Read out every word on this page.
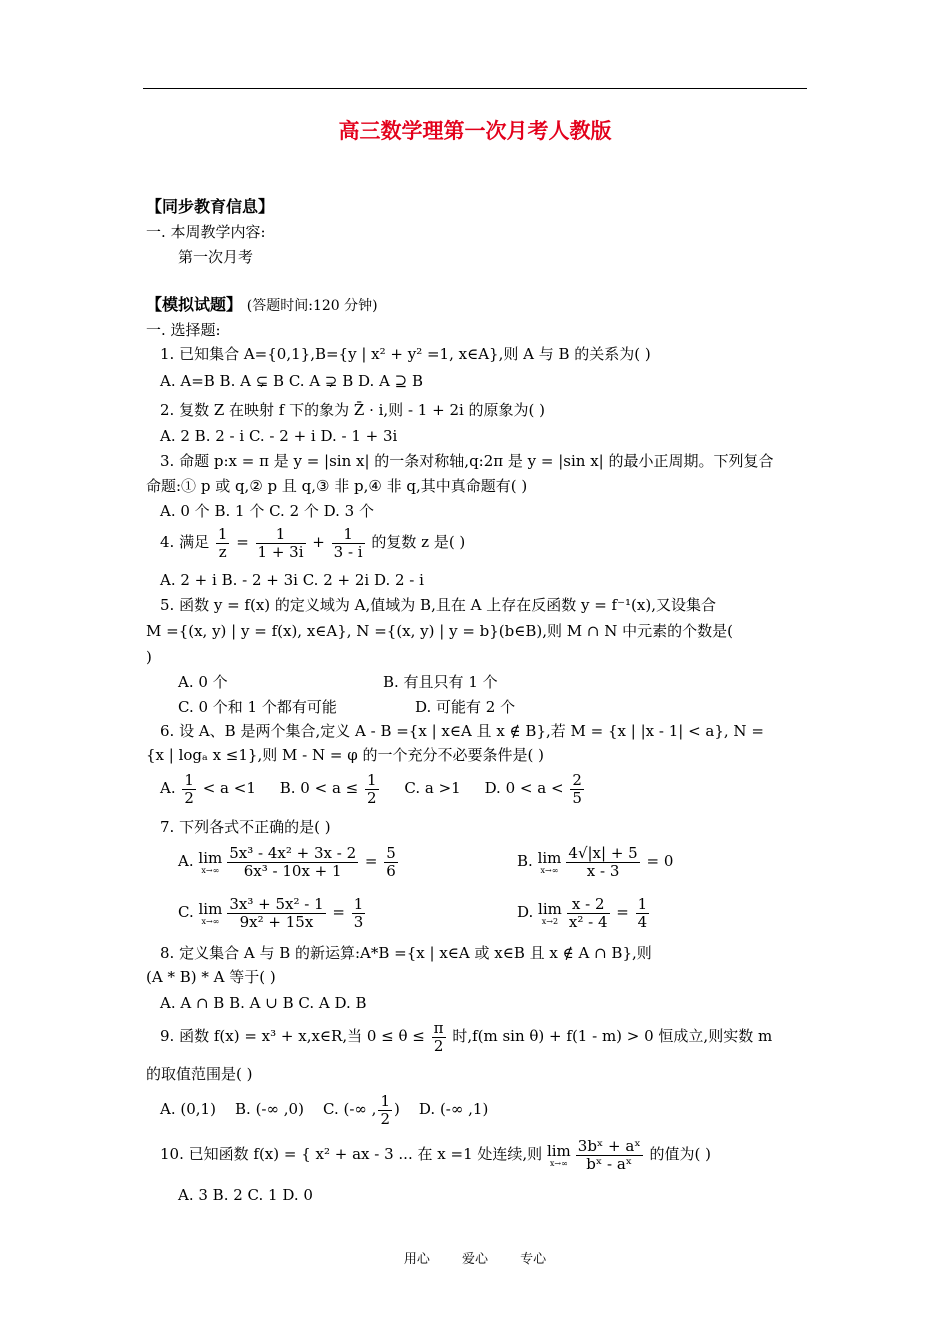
高三数学理第一次月考人教版
【同步教育信息】
一. 本周教学内容:
第一次月考
【模拟试题】 (答题时间:120 分钟)
一. 选择题:
1. 已知集合 A={0,1},B={y | x² + y² =1, x∈A},则 A 与 B 的关系为( )
A. A=B B. A ⊊ B C. A ⊋ B D. A ⊇ B
2. 复数 Z 在映射 f 下的象为 Z̄ · i,则 - 1 + 2i 的原象为( )
A. 2 B. 2 - i C. - 2 + i D. - 1 + 3i
3. 命题 p:x = π 是 y = |sin x| 的一条对称轴,q:2π 是 y = |sin x| 的最小正周期。下列复合
命题:① p 或 q,② p 且 q,③ 非 p,④ 非 q,其中真命题有( )
A. 0 个 B. 1 个 C. 2 个 D. 3 个
4. 满足 $\frac{1}{z} = \frac{1}{1 + 3i} + \frac{1}{3 - i}$ 的复数 z 是( )
A. 2 + i B. - 2 + 3i C. 2 + 2i D. 2 - i
5. 函数 y = f(x) 的定义域为 A,值域为 B,且在 A 上存在反函数 y = f⁻¹(x),又设集合
M ={(x, y) | y = f(x), x∈A}, N ={(x, y) | y = b}(b∈B),则 M ∩ N 中元素的个数是(
)
A. 0 个	B. 有且只有 1 个
C. 0 个和 1 个都有可能	D. 可能有 2 个
6. 设 A、B 是两个集合,定义 A - B ={x | x∈A 且 x ∉ B},若 M = {x | |x - 1| < a}, N =
{x | logₐ x ≤1},则 M - N = φ 的一个充分不必要条件是( )
A. $\frac{1}{2} < a <1$ B. $0 < a \le \frac{1}{2} C$. a >1 D. $0 < a < \frac{2}{5}$
7. 下列各式不正确的是( )
A. lim
$x\to\infty \frac{\text{5x³ - 4x² + 3x - 2}}{\text{6x³ - 10x + 1}} = \frac{5}{6}$	B. lim
$x\to\infty \frac{4√|x| + 5}{x - 3} = 0$
C. lim
$x\to\infty \frac{\text{3x³ + 5x² - 1}}{\text{9x² + 15x}} = \frac{1}{3}$	D. lim
$x\to 2 \frac{x - 2}{\text{x² - 4}} = \frac{1}{4}$
8. 定义集合 A 与 B 的新运算:A*B ={x | x∈A 或 x∈B 且 x ∉ A ∩ B},则
(A * B) * A 等于( )
A. A ∩ B B. A ∪ B C. A D. B
9. 函数 f(x) = x³ + x,x∈R,当 $0 \le \theta \le \frac{\pi}{2}$ 时,f(m sin θ) + f(1 - m) > 0 恒成立,则实数 m
的取值范围是( )
A. (0,1) B. (-∞ ,0) C. (-∞ , $\frac{1}{2}$ ) D. (-∞ ,1)
10. 已知函数 f(x) = { x² + ax - 3 ... 在 x =1 处连续,则 lim
$x\to\infty \frac{\text{3bˣ + aˣ}}{\text{bˣ - aˣ}}$ 的值为( )
A. 3 B. 2 C. 1 D. 0
用心 爱心 专心
